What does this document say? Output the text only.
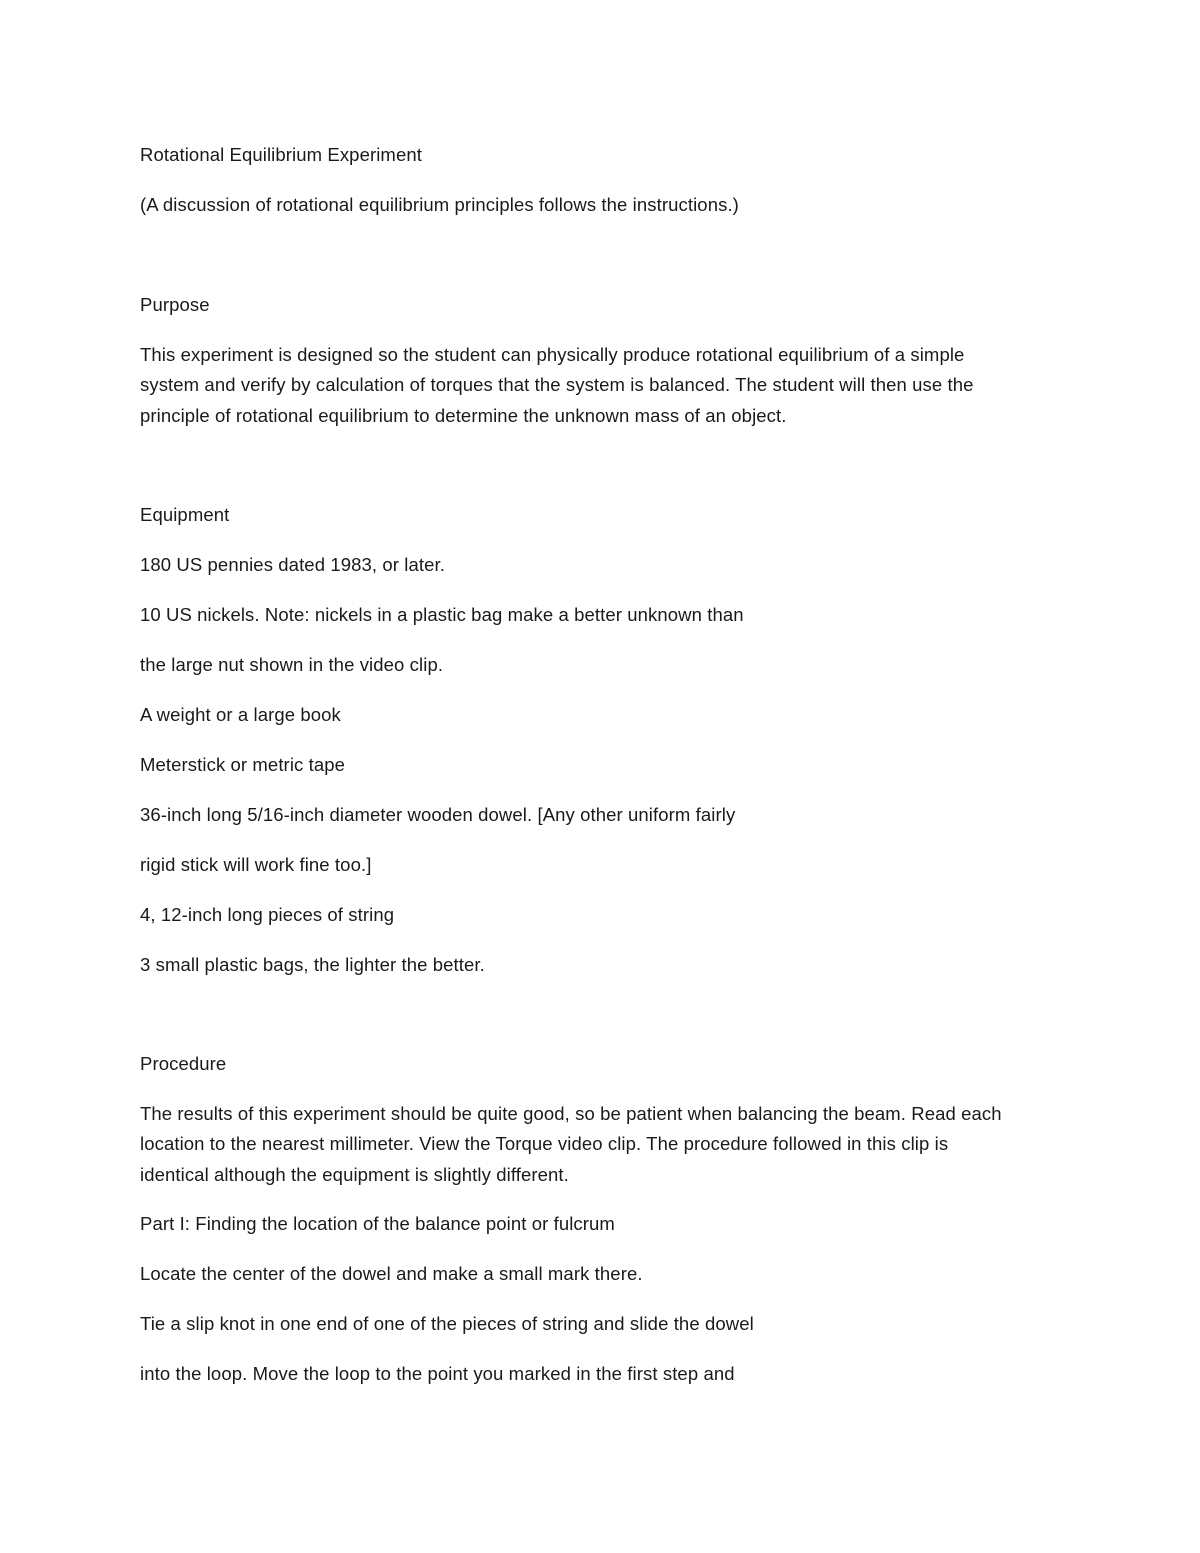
Rotational Equilibrium Experiment
(A discussion of rotational equilibrium principles follows the instructions.)
Purpose
This experiment is designed so the student can physically produce rotational equilibrium of a simple
system and verify by calculation of torques that the system is balanced. The student will then use the
principle of rotational equilibrium to determine the unknown mass of an object.
Equipment
180 US pennies dated 1983, or later.
10 US nickels. Note: nickels in a plastic bag make a better unknown than
the large nut shown in the video clip.
A weight or a large book
Meterstick or metric tape
36-inch long 5/16-inch diameter wooden dowel. [Any other uniform fairly
rigid stick will work fine too.]
4, 12-inch long pieces of string
3 small plastic bags, the lighter the better.
Procedure
The results of this experiment should be quite good, so be patient when balancing the beam. Read each
location to the nearest millimeter. View the Torque video clip. The procedure followed in this clip is
identical although the equipment is slightly different.
Part I: Finding the location of the balance point or fulcrum
Locate the center of the dowel and make a small mark there.
Tie a slip knot in one end of one of the pieces of string and slide the dowel
into the loop. Move the loop to the point you marked in the first step and
